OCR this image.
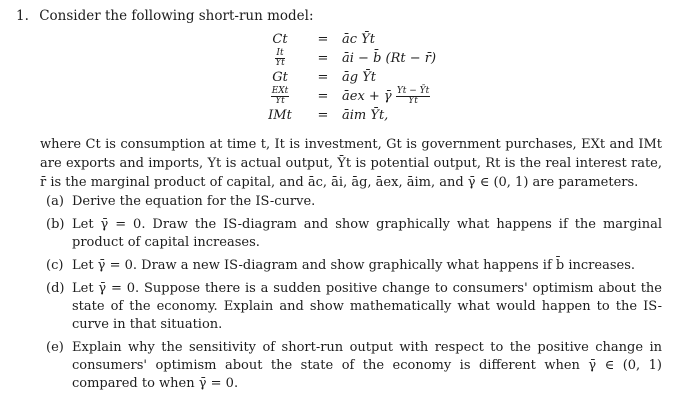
1. Consider the following short-run model:
Ct	=	āc Ȳt
$\frac{It}{Yt}$	=	āi − b̄ (Rt − r̄)
Gt	=	āg Ȳt
$\frac{\text{EXt}}{Yt}$	=	āex + γ̄ $\frac{Yt - Ȳt}{Yt}$
IMt	=	āim Ȳt,
where Ct is consumption at time t, It is investment, Gt is government purchases, EXt and IMt are exports and imports, Yt is actual output, Ȳt is potential output, Rt is the real interest rate, r̄ is the marginal product of capital, and āc, āi, āg, āex, āim, and γ̄ ∈ (0, 1) are parameters.
(a) Derive the equation for the IS-curve.
(b) Let γ̄ = 0. Draw the IS-diagram and show graphically what happens if the marginal product of capital increases.
(c) Let γ̄ = 0. Draw a new IS-diagram and show graphically what happens if b̄ increases.
(d) Let γ̄ = 0. Suppose there is a sudden positive change to consumers' optimism about the state of the economy. Explain and show mathematically what would happen to the IS-curve in that situation.
(e) Explain why the sensitivity of short-run output with respect to the positive change in consumers' optimism about the state of the economy is different when γ̄ ∈ (0, 1) compared to when γ̄ = 0.
